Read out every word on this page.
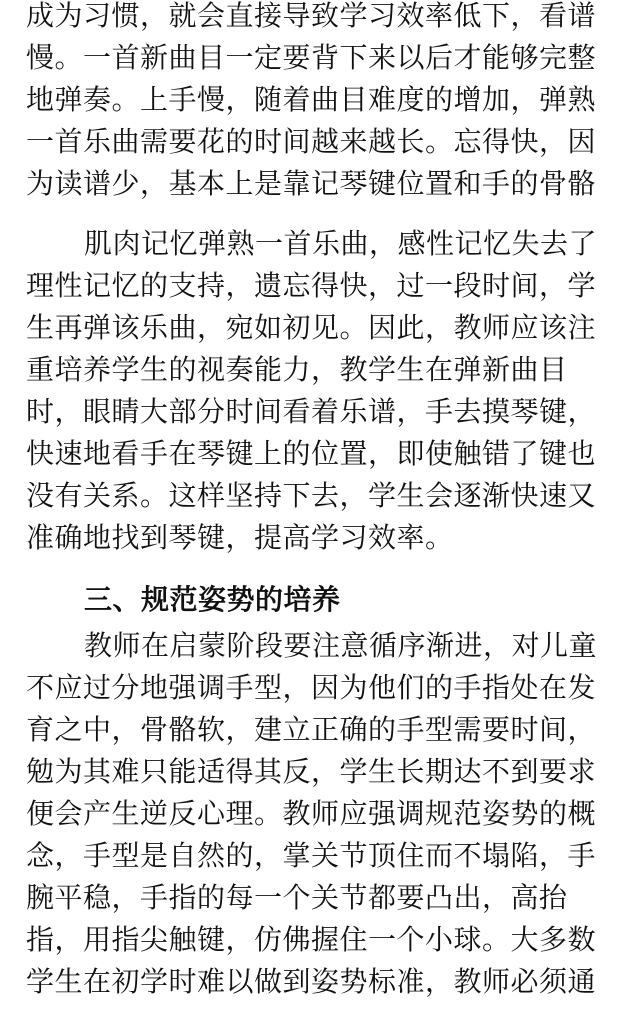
成为习惯，就会直接导致学习效率低下，看谱
慢。一首新曲目一定要背下来以后才能够完整
地弹奏。上手慢，随着曲目难度的增加，弹熟
一首乐曲需要花的时间越来越长。忘得快，因
为读谱少，基本上是靠记琴键位置和手的骨骼
肌肉记忆弹熟一首乐曲，感性记忆失去了
理性记忆的支持，遗忘得快，过一段时间，学
生再弹该乐曲，宛如初见。因此，教师应该注
重培养学生的视奏能力，教学生在弹新曲目
时，眼睛大部分时间看着乐谱，手去摸琴键，
快速地看手在琴键上的位置，即使触错了键也
没有关系。这样坚持下去，学生会逐渐快速又
准确地找到琴键，提高学习效率。
三、规范姿势的培养
教师在启蒙阶段要注意循序渐进，对儿童
不应过分地强调手型，因为他们的手指处在发
育之中，骨骼软，建立正确的手型需要时间，
勉为其难只能适得其反，学生长期达不到要求
便会产生逆反心理。教师应强调规范姿势的概
念，手型是自然的，掌关节顶住而不塌陷，手
腕平稳，手指的每一个关节都要凸出，高抬
指，用指尖触键，仿佛握住一个小球。大多数
学生在初学时难以做到姿势标准，教师必须通
